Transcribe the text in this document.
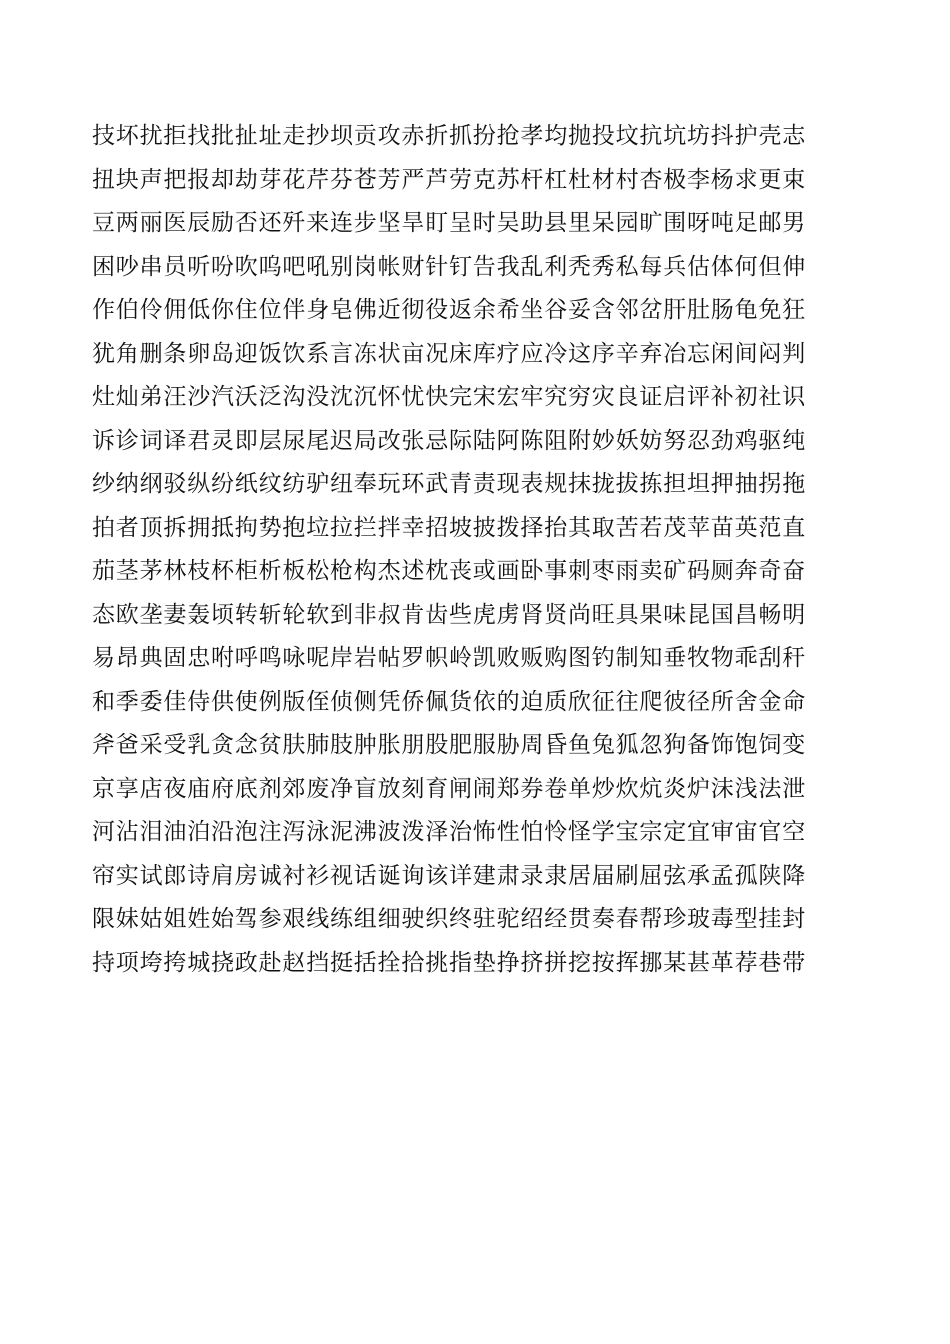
技坏扰拒找批扯址走抄坝贡攻赤折抓扮抢孝均抛投坟抗坑坊抖护壳志
扭块声把报却劫芽花芹芬苍芳严芦劳克苏杆杠杜材村杏极李杨求更束
豆两丽医辰励否还歼来连步坚旱盯呈时吴助县里呆园旷围呀吨足邮男
困吵串员听吩吹呜吧吼别岗帐财针钉告我乱利秃秀私每兵估体何但伸
作伯伶佣低你住位伴身皂佛近彻役返余希坐谷妥含邻岔肝肚肠龟免狂
犹角删条卵岛迎饭饮系言冻状亩况床库疗应冷这序辛弃冶忘闲间闷判
灶灿弟汪沙汽沃泛沟没沈沉怀忧快完宋宏牢究穷灾良证启评补初社识
诉诊词译君灵即层尿尾迟局改张忌际陆阿陈阻附妙妖妨努忍劲鸡驱纯
纱纳纲驳纵纷纸纹纺驴纽奉玩环武青责现表规抹拢拔拣担坦押抽拐拖
拍者顶拆拥抵拘势抱垃拉拦拌幸招坡披拨择抬其取苦若茂苹苗英范直
茄茎茅林枝杯柜析板松枪构杰述枕丧或画卧事刺枣雨卖矿码厕奔奇奋
态欧垄妻轰顷转斩轮软到非叔肯齿些虎虏肾贤尚旺具果味昆国昌畅明
易昂典固忠咐呼鸣咏呢岸岩帖罗帜岭凯败贩购图钓制知垂牧物乖刮秆
和季委佳侍供使例版侄侦侧凭侨佩货依的迫质欣征往爬彼径所舍金命
斧爸采受乳贪念贫肤肺肢肿胀朋股肥服胁周昏鱼兔狐忽狗备饰饱饲变
京享店夜庙府底剂郊废净盲放刻育闸闹郑券卷单炒炊炕炎炉沫浅法泄
河沾泪油泊沿泡注泻泳泥沸波泼泽治怖性怕怜怪学宝宗定宜审宙官空
帘实试郎诗肩房诚衬衫视话诞询该详建肃录隶居届刷屈弦承孟孤陕降
限妹姑姐姓始驾参艰线练组细驶织终驻驼绍经贯奏春帮珍玻毒型挂封
持项垮挎城挠政赴赵挡挺括拴拾挑指垫挣挤拼挖按挥挪某甚革荐巷带
